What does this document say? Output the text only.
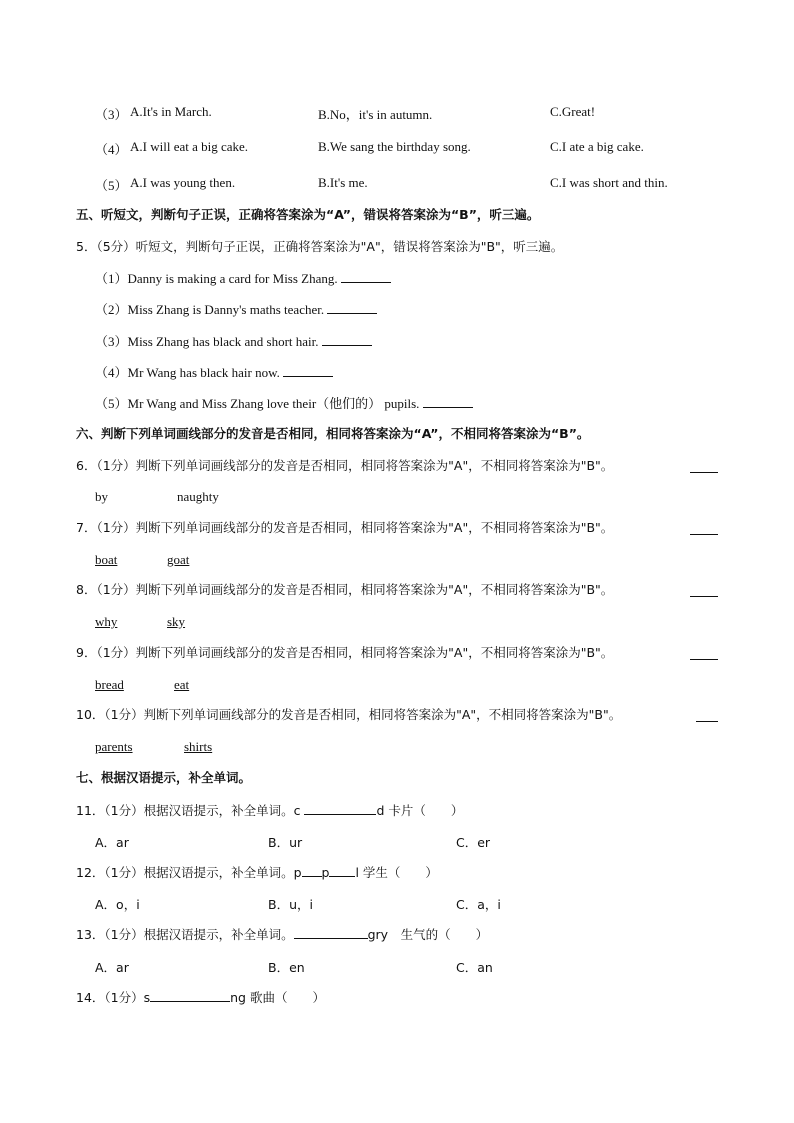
（3） A.It's in March.	B.No，it's in autumn.	C.Great!
（4） A.I will eat a big cake.	B.We sang the birthday song.	C.I ate a big cake.
（5） A.I was young then.	B.It's me.	C.I was short and thin.
五、听短文，判断句子正误，正确将答案涂为“A”，错误将答案涂为“B”，听三遍。
5．（5分）听短文，判断句子正误，正确将答案涂为"A"，错误将答案涂为"B"，听三遍。
（1）Danny is making a card for Miss Zhang.
（2）Miss Zhang is Danny's maths teacher.
（3）Miss Zhang has black and short hair.
（4）Mr Wang has black hair now.
（5）Mr Wang and Miss Zhang love their（他们的） pupils.
六、判断下列单词画线部分的发音是否相同，相同将答案涂为“A”，不相同将答案涂为“B”。
6．（1分）判断下列单词画线部分的发音是否相同，相同将答案涂为"A"，不相同将答案涂为"B"。
by	naughty
7．（1分）判断下列单词画线部分的发音是否相同，相同将答案涂为"A"，不相同将答案涂为"B"。
boat	goat
8．（1分）判断下列单词画线部分的发音是否相同，相同将答案涂为"A"，不相同将答案涂为"B"。
why	sky
9．（1分）判断下列单词画线部分的发音是否相同，相同将答案涂为"A"，不相同将答案涂为"B"。
bread	eat
10．（1分）判断下列单词画线部分的发音是否相同，相同将答案涂为"A"，不相同将答案涂为"B"。
parents	shirts
七、根据汉语提示，补全单词。
11．（1分）根据汉语提示，补全单词。c	d 卡片（　　）
A．ar	B．ur	C．er
12．（1分）根据汉语提示，补全单词。p p l 学生（　　）
A．o，i	B．u，i	C．a，i
13．（1分）根据汉语提示，补全单词。	gry　生气的（　　）
A．ar	B．en	C．an
14．（1分）s	ng 歌曲（　　）
